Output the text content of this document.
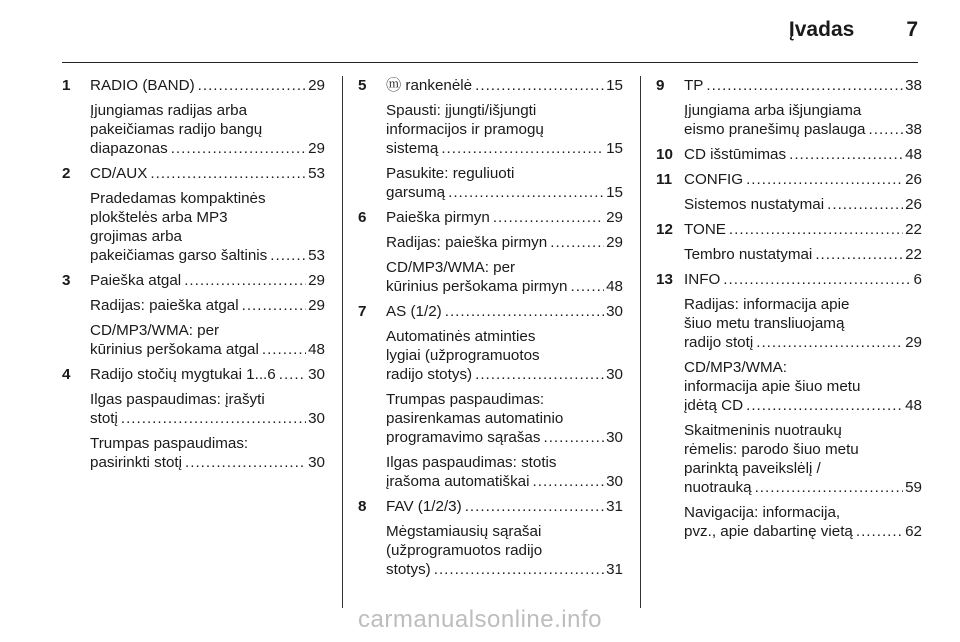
Įvadas 7
1 RADIO (BAND) .....	29
Įjungiamas radijas arba
pakeičiamas radijo bangų
diapazonas .....	29
2 CD/AUX .....	53
Pradedamas kompaktinės
plokštelės arba MP3
grojimas arba
pakeičiamas garso šaltinis .....	53
3 Paieška atgal .....	29
Radijas: paieška atgal .....	29
CD/MP3/WMA: per
kūrinius peršokama atgal .....	48
4 Radijo stočių mygtukai 1...6 ..... 30
Ilgas paspaudimas: įrašyti
stotį .....	30
Trumpas paspaudimas:
pasirinkti stotį .....	30
5 ⓜ rankenėlė .....	15
Spausti: įjungti/išjungti
informacijos ir pramogų
sistemą .....	15
Pasukite: reguliuoti
garsumą .....	15
6 Paieška pirmyn .....	29
Radijas: paieška pirmyn .....	29
CD/MP3/WMA: per
kūrinius peršokama pirmyn .....	48
7 AS (1/2) .....	30
Automatinės atminties
lygiai (užprogramuotos
radijo stotys) .....	30
Trumpas paspaudimas:
pasirenkamas automatinio
programavimo sąrašas .....	30
Ilgas paspaudimas: stotis
įrašoma automatiškai .....	30
8 FAV (1/2/3) .....	31
Mėgstamiausių sąrašai
(užprogramuotos radijo
stotys) .....	31
9 TP .....	38
Įjungiama arba išjungiama
eismo pranešimų paslauga .....	38
10 CD išstūmimas .....	48
11 CONFIG .....	26
Sistemos nustatymai .....	26
12 TONE .....	22
Tembro nustatymai .....	22
13 INFO .....	6
Radijas: informacija apie
šiuo metu transliuojamą
radijo stotį .....	29
CD/MP3/WMA:
informacija apie šiuo metu
įdėtą CD .....	48
Skaitmeninis nuotraukų
rėmelis: parodo šiuo metu
parinktą paveikslėlį /
nuotrauką .....	59
Navigacija: informacija,
pvz., apie dabartinę vietą .....	62
carmanualsonline.info
